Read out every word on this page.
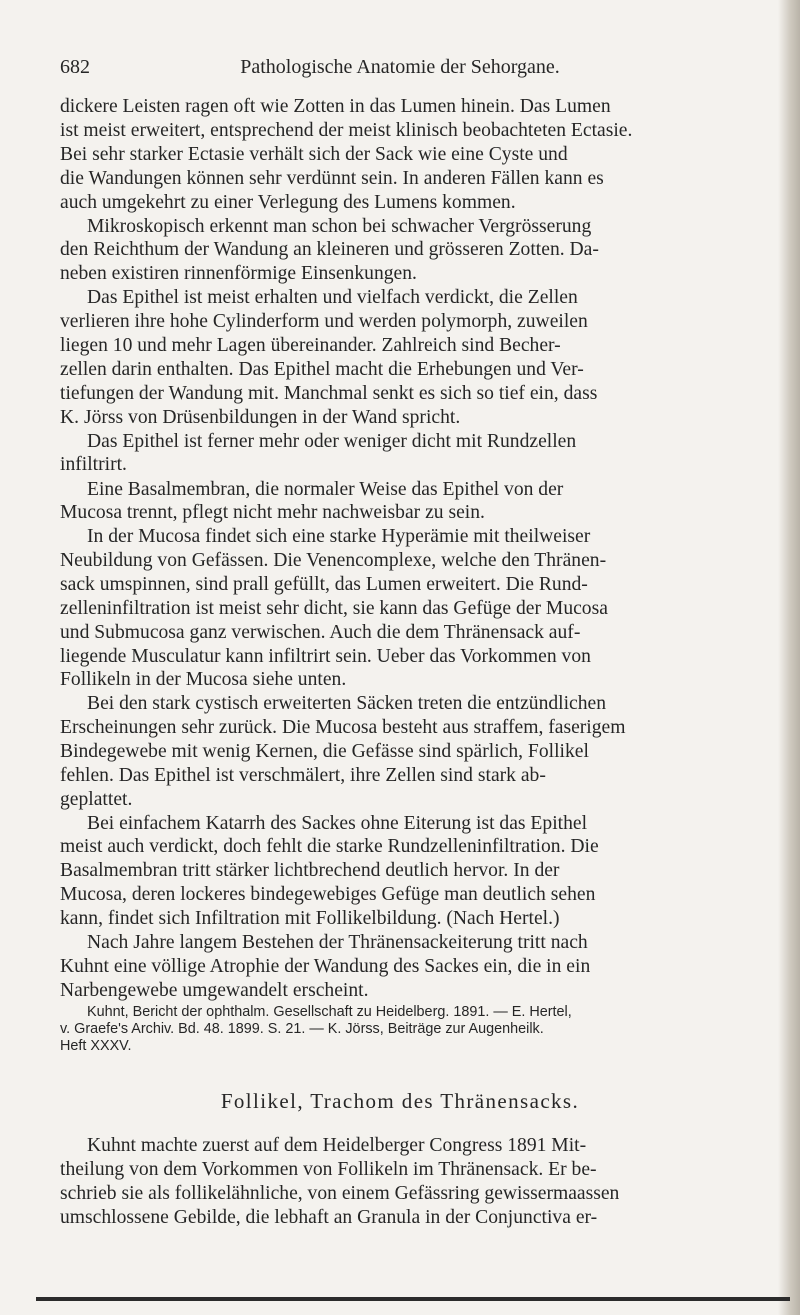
682	Pathologische Anatomie der Sehorgane.

dickere Leisten ragen oft wie Zotten in das Lumen hinein. Das Lumen
ist meist erweitert, entsprechend der meist klinisch beobachteten Ectasie.
Bei sehr starker Ectasie verhält sich der Sack wie eine Cyste und
die Wandungen können sehr verdünnt sein. In anderen Fällen kann es
auch umgekehrt zu einer Verlegung des Lumens kommen.

Mikroskopisch erkennt man schon bei schwacher Vergrösserung
den Reichthum der Wandung an kleineren und grösseren Zotten. Da-
neben existiren rinnenförmige Einsenkungen.

Das Epithel ist meist erhalten und vielfach verdickt, die Zellen
verlieren ihre hohe Cylinderform und werden polymorph, zuweilen
liegen 10 und mehr Lagen übereinander. Zahlreich sind Becher-
zellen darin enthalten. Das Epithel macht die Erhebungen und Ver-
tiefungen der Wandung mit. Manchmal senkt es sich so tief ein, dass
K. Jörss von Drüsenbildungen in der Wand spricht.

Das Epithel ist ferner mehr oder weniger dicht mit Rundzellen
infiltrirt.

Eine Basalmembran, die normaler Weise das Epithel von der
Mucosa trennt, pflegt nicht mehr nachweisbar zu sein.

In der Mucosa findet sich eine starke Hyperämie mit theilweiser
Neubildung von Gefässen. Die Venencomplexe, welche den Thränen-
sack umspinnen, sind prall gefüllt, das Lumen erweitert. Die Rund-
zelleninfiltration ist meist sehr dicht, sie kann das Gefüge der Mucosa
und Submucosa ganz verwischen. Auch die dem Thränensack auf-
liegende Musculatur kann infiltrirt sein. Ueber das Vorkommen von
Follikeln in der Mucosa siehe unten.

Bei den stark cystisch erweiterten Säcken treten die entzündlichen
Erscheinungen sehr zurück. Die Mucosa besteht aus straffem, faserigem
Bindegewebe mit wenig Kernen, die Gefässe sind spärlich, Follikel
fehlen. Das Epithel ist verschmälert, ihre Zellen sind stark ab-
geplattet.

Bei einfachem Katarrh des Sackes ohne Eiterung ist das Epithel
meist auch verdickt, doch fehlt die starke Rundzelleninfiltration. Die
Basalmembran tritt stärker lichtbrechend deutlich hervor. In der
Mucosa, deren lockeres bindegewebiges Gefüge man deutlich sehen
kann, findet sich Infiltration mit Follikelbildung. (Nach Hertel.)

Nach Jahre langem Bestehen der Thränensackeiterung tritt nach
Kuhnt eine völlige Atrophie der Wandung des Sackes ein, die in ein
Narbengewebe umgewandelt erscheint.

Kuhnt, Bericht der ophthalm. Gesellschaft zu Heidelberg. 1891. — E. Hertel,
v. Graefe's Archiv. Bd. 48. 1899. S. 21. — K. Jörss, Beiträge zur Augenheilk.
Heft XXXV.
Follikel, Trachom des Thränensacks.

Kuhnt machte zuerst auf dem Heidelberger Congress 1891 Mit-
theilung von dem Vorkommen von Follikeln im Thränensack. Er be-
schrieb sie als follikelähnliche, von einem Gefässring gewissermaassen
umschlossene Gebilde, die lebhaft an Granula in der Conjunctiva er-
